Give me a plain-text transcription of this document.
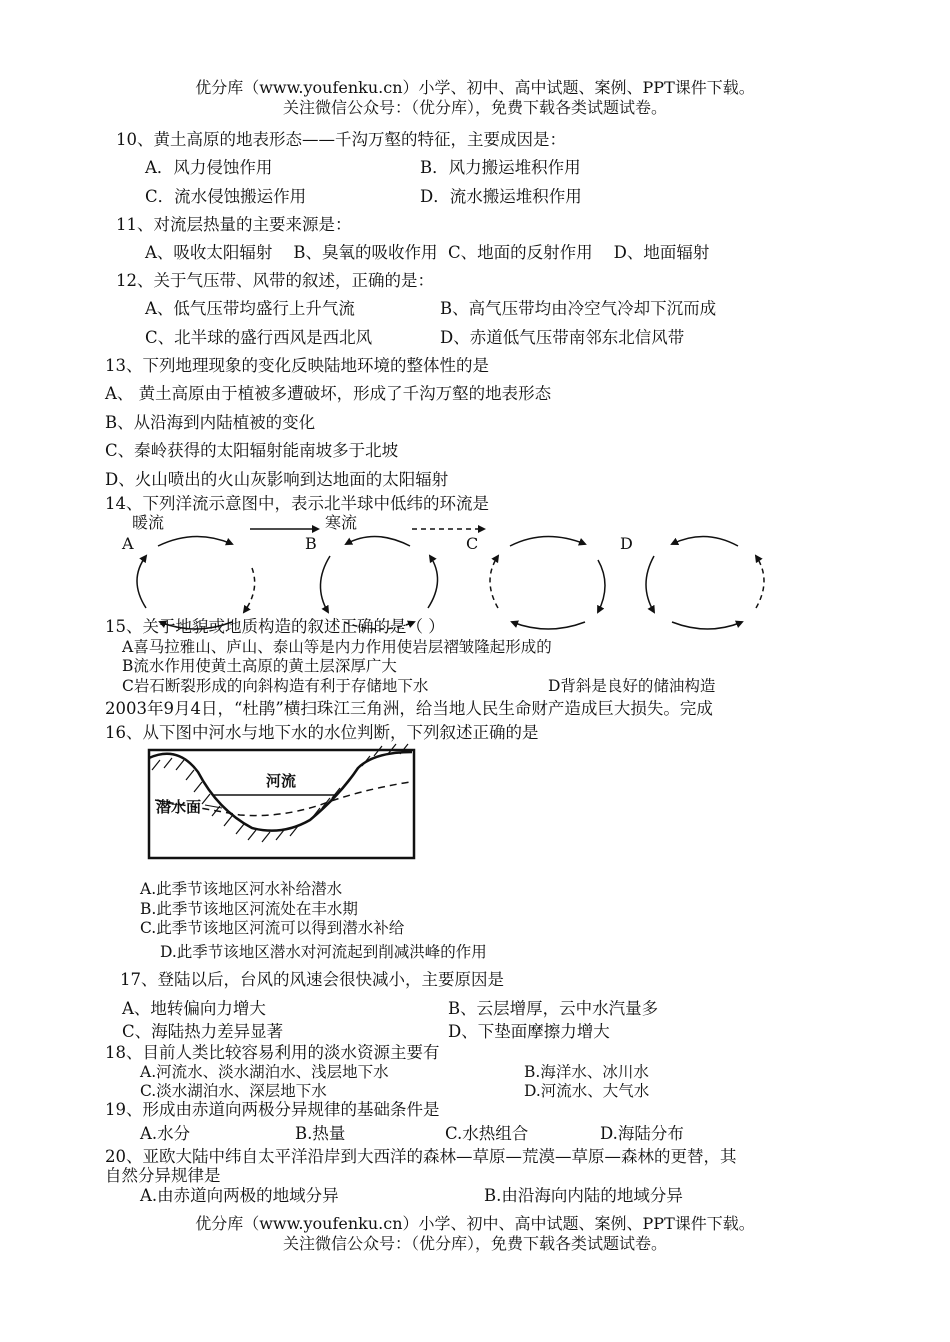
优分库（www.youfenku.cn）小学、初中、高中试题、案例、PPT课件下载。
关注微信公众号：（优分库），免费下载各类试题试卷。
10、黄土高原的地表形态——千沟万壑的特征，主要成因是：
A．风力侵蚀作用	B．风力搬运堆积作用
C．流水侵蚀搬运作用	D．流水搬运堆积作用
11、对流层热量的主要来源是：
A、吸收太阳辐射    B、臭氧的吸收作用  C、地面的反射作用    D、地面辐射
12、关于气压带、风带的叙述，正确的是：
A、低气压带均盛行上升气流	B、高气压带均由冷空气冷却下沉而成
C、北半球的盛行西风是西北风	D、赤道低气压带南邻东北信风带
13、下列地理现象的变化反映陆地环境的整体性的是
A、 黄土高原由于植被多遭破坏，形成了千沟万壑的地表形态
B、从沿海到内陆植被的变化
C、秦岭获得的太阳辐射能南坡多于北坡
D、火山喷出的火山灰影响到达地面的太阳辐射
14、下列洋流示意图中，表示北半球中低纬的环流是
暖流	寒流
A	B	C	D
15、关于地貌或地质构造的叙述正确的是（ ）
A喜马拉雅山、庐山、泰山等是内力作用使岩层褶皱隆起形成的
B流水作用使黄土高原的黄土层深厚广大
C岩石断裂形成的向斜构造有利于存储地下水	D背斜是良好的储油构造
2003年9月4日，“杜鹃”横扫珠江三角洲，给当地人民生命财产造成巨大损失。完成
16、从下图中河水与地下水的水位判断，下列叙述正确的是
河流
潜水面
A.此季节该地区河水补给潜水
B.此季节该地区河流处在丰水期
C.此季节该地区河流可以得到潜水补给
D.此季节该地区潜水对河流起到削减洪峰的作用
17、登陆以后，台风的风速会很快减小，主要原因是
A、地转偏向力增大	B、云层增厚，云中水汽量多
C、海陆热力差异显著	D、下垫面摩擦力增大
18、目前人类比较容易利用的淡水资源主要有
A.河流水、淡水湖泊水、浅层地下水	B.海洋水、冰川水
C.淡水湖泊水、深层地下水	D.河流水、大气水
19、形成由赤道向两极分异规律的基础条件是
A.水分	B.热量	C.水热组合	D.海陆分布
20、亚欧大陆中纬自太平洋沿岸到大西洋的森林—草原—荒漠—草原—森林的更替，其
自然分异规律是
A.由赤道向两极的地域分异	B.由沿海向内陆的地域分异
优分库（www.youfenku.cn）小学、初中、高中试题、案例、PPT课件下载。
关注微信公众号：（优分库），免费下载各类试题试卷。
